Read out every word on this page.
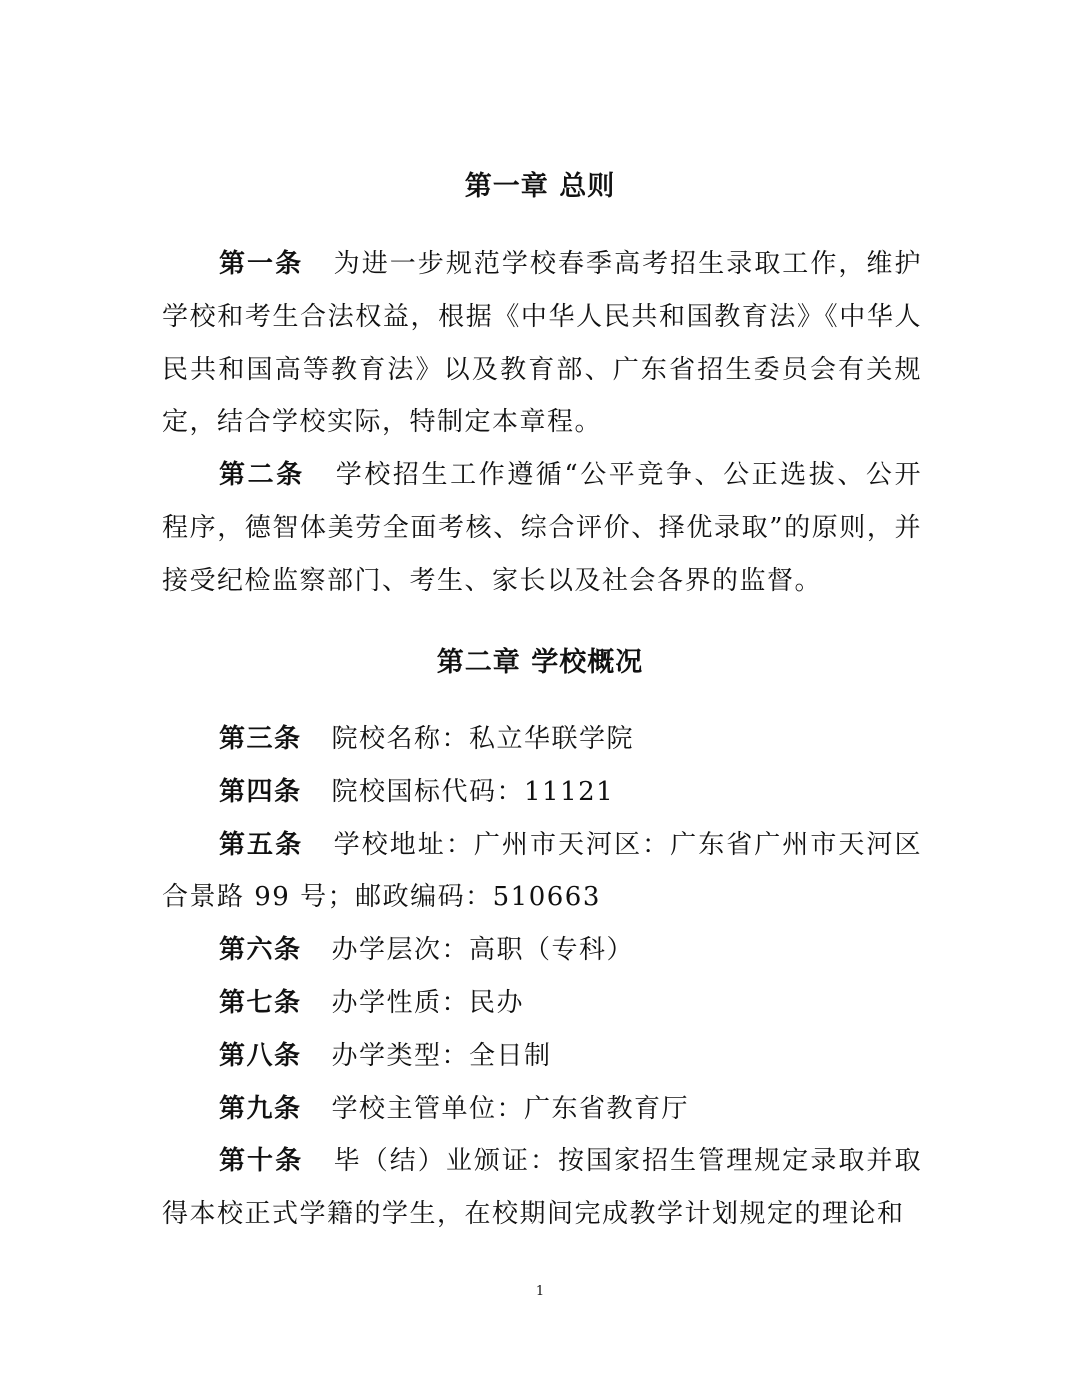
第一章 总则

第一条 为进一步规范学校春季高考招生录取工作，维护学校和考生合法权益，根据《中华人民共和国教育法》《中华人民共和国高等教育法》以及教育部、广东省招生委员会有关规定，结合学校实际，特制定本章程。

第二条 学校招生工作遵循“公平竞争、公正选拔、公开程序，德智体美劳全面考核、综合评价、择优录取”的原则，并接受纪检监察部门、考生、家长以及社会各界的监督。

第二章 学校概况

第三条 院校名称：私立华联学院

第四条 院校国标代码：11121

第五条 学校地址：广州市天河区：广东省广州市天河区合景路 99 号；邮政编码：510663

第六条 办学层次：高职（专科）

第七条 办学性质：民办

第八条 办学类型：全日制

第九条 学校主管单位：广东省教育厅

第十条 毕（结）业颁证：按国家招生管理规定录取并取得本校正式学籍的学生，在校期间完成教学计划规定的理论和

1
